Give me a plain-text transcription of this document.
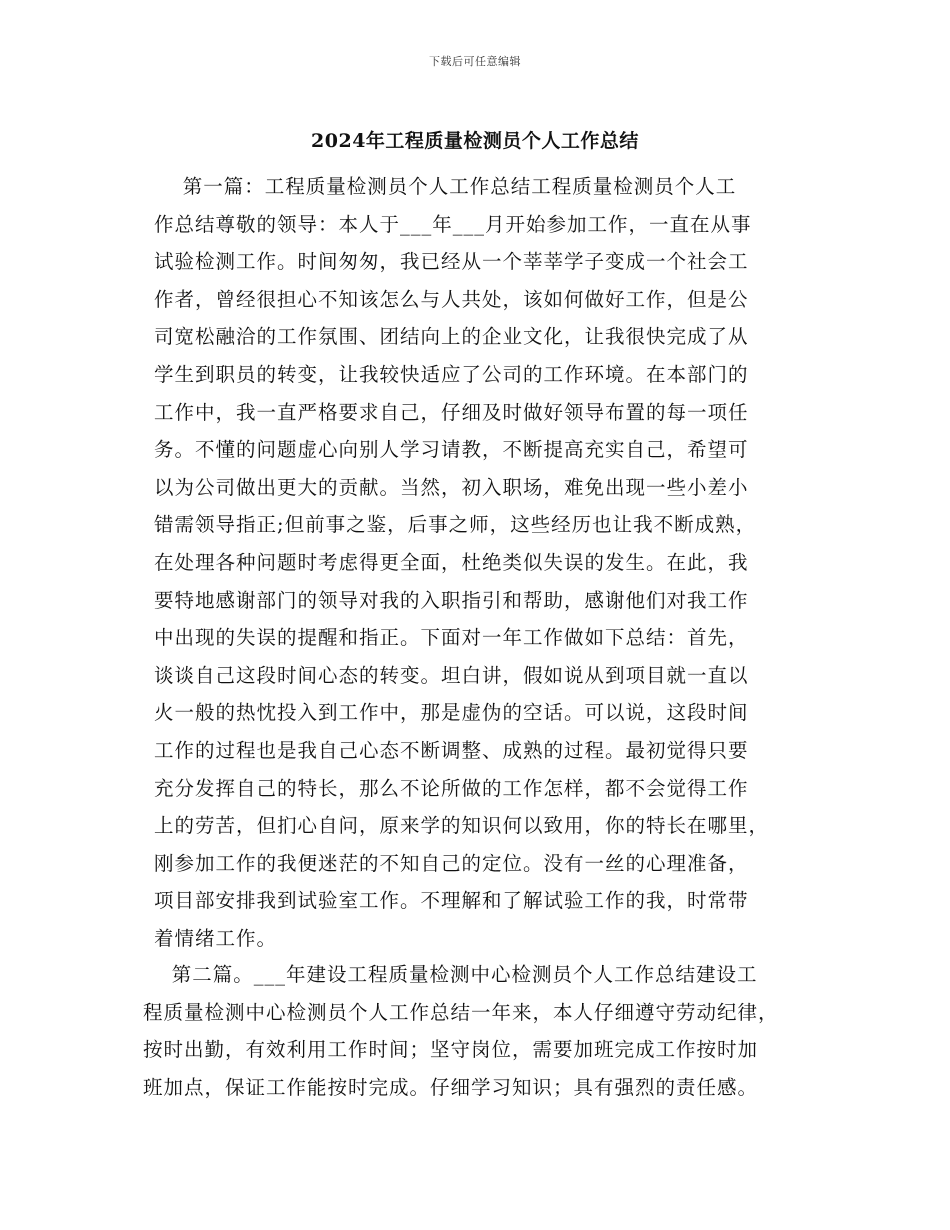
下载后可任意编辑
2024年工程质量检测员个人工作总结
第一篇：工程质量检测员个人工作总结工程质量检测员个人工
作总结尊敬的领导：本人于___年___月开始参加工作，一直在从事
试验检测工作。时间匆匆，我已经从一个莘莘学子变成一个社会工
作者，曾经很担心不知该怎么与人共处，该如何做好工作，但是公
司宽松融洽的工作氛围、团结向上的企业文化，让我很快完成了从
学生到职员的转变，让我较快适应了公司的工作环境。在本部门的
工作中，我一直严格要求自己，仔细及时做好领导布置的每一项任
务。不懂的问题虚心向别人学习请教，不断提高充实自己，希望可
以为公司做出更大的贡献。当然，初入职场，难免出现一些小差小
错需领导指正;但前事之鉴，后事之师，这些经历也让我不断成熟，
在处理各种问题时考虑得更全面，杜绝类似失误的发生。在此，我
要特地感谢部门的领导对我的入职指引和帮助，感谢他们对我工作
中出现的失误的提醒和指正。下面对一年工作做如下总结：首先，
谈谈自己这段时间心态的转变。坦白讲，假如说从到项目就一直以
火一般的热忱投入到工作中，那是虚伪的空话。可以说，这段时间
工作的过程也是我自己心态不断调整、成熟的过程。最初觉得只要
充分发挥自己的特长，那么不论所做的工作怎样，都不会觉得工作
上的劳苦，但扪心自问，原来学的知识何以致用，你的特长在哪里，
刚参加工作的我便迷茫的不知自己的定位。没有一丝的心理准备，
项目部安排我到试验室工作。不理解和了解试验工作的我，时常带
着情绪工作。
第二篇。___年建设工程质量检测中心检测员个人工作总结建设工
程质量检测中心检测员个人工作总结一年来，本人仔细遵守劳动纪律，
按时出勤，有效利用工作时间；坚守岗位，需要加班完成工作按时加
班加点，保证工作能按时完成。仔细学习知识；具有强烈的责任感。
